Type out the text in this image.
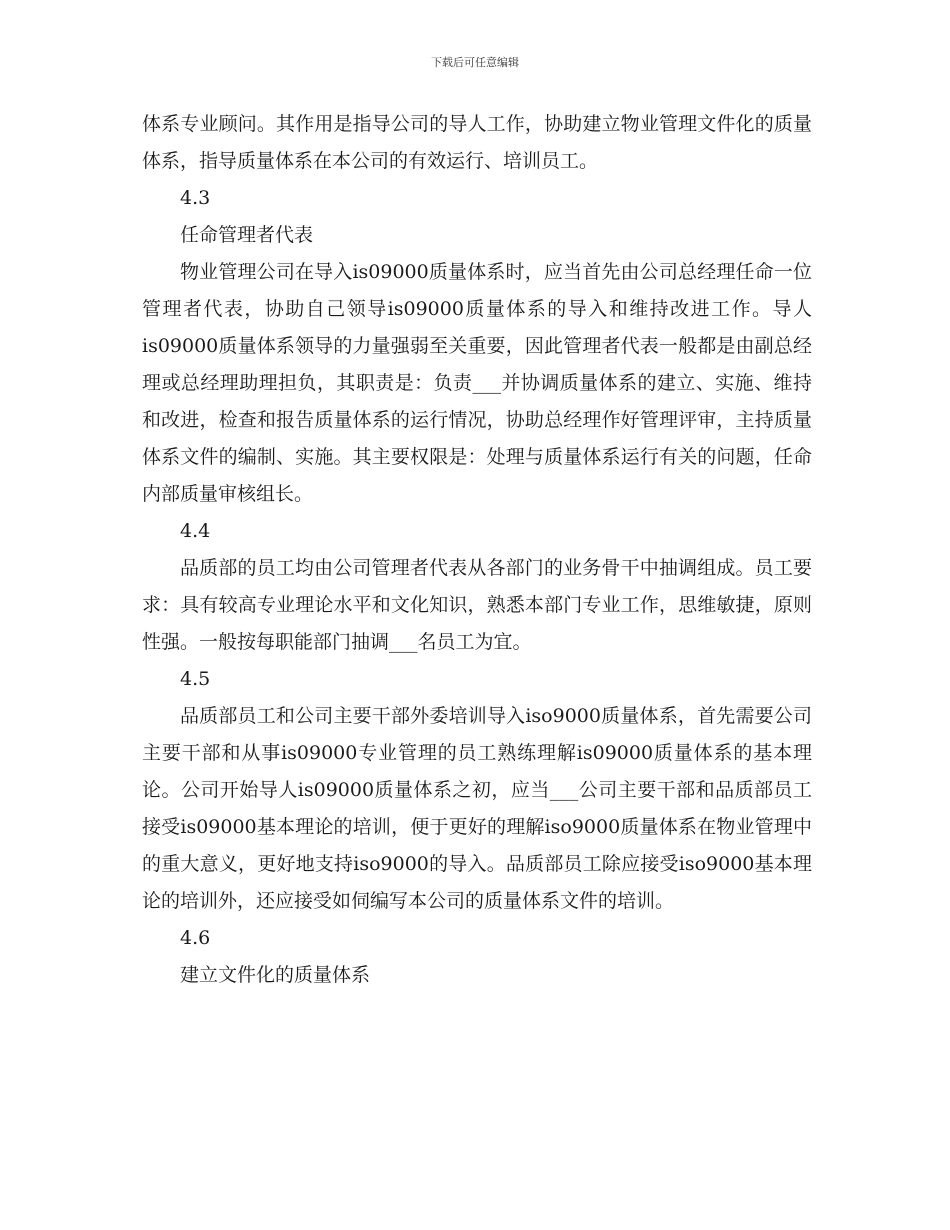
下载后可任意编辑

体系专业顾问。其作用是指导公司的导人工作，协助建立物业管理文件化的质量体系，指导质量体系在本公司的有效运行、培训员工。

4.3

任命管理者代表

物业管理公司在导入is09000质量体系时，应当首先由公司总经理任命一位管理者代表，协助自己领导is09000质量体系的导入和维持改进工作。导人is09000质量体系领导的力量强弱至关重要，因此管理者代表一般都是由副总经理或总经理助理担负，其职责是：负责___并协调质量体系的建立、实施、维持和改进，检查和报告质量体系的运行情况，协助总经理作好管理评审，主持质量体系文件的编制、实施。其主要权限是：处理与质量体系运行有关的问题，任命内部质量审核组长。

4.4

品质部的员工均由公司管理者代表从各部门的业务骨干中抽调组成。员工要求：具有较高专业理论水平和文化知识，熟悉本部门专业工作，思维敏捷，原则性强。一般按每职能部门抽调___名员工为宜。

4.5

品质部员工和公司主要干部外委培训导入iso9000质量体系，首先需要公司主要干部和从事is09000专业管理的员工熟练理解is09000质量体系的基本理论。公司开始导人is09000质量体系之初，应当___公司主要干部和品质部员工接受is09000基本理论的培训，便于更好的理解iso9000质量体系在物业管理中的重大意义，更好地支持iso9000的导入。品质部员工除应接受iso9000基本理论的培训外，还应接受如伺编写本公司的质量体系文件的培训。

4.6

建立文件化的质量体系
